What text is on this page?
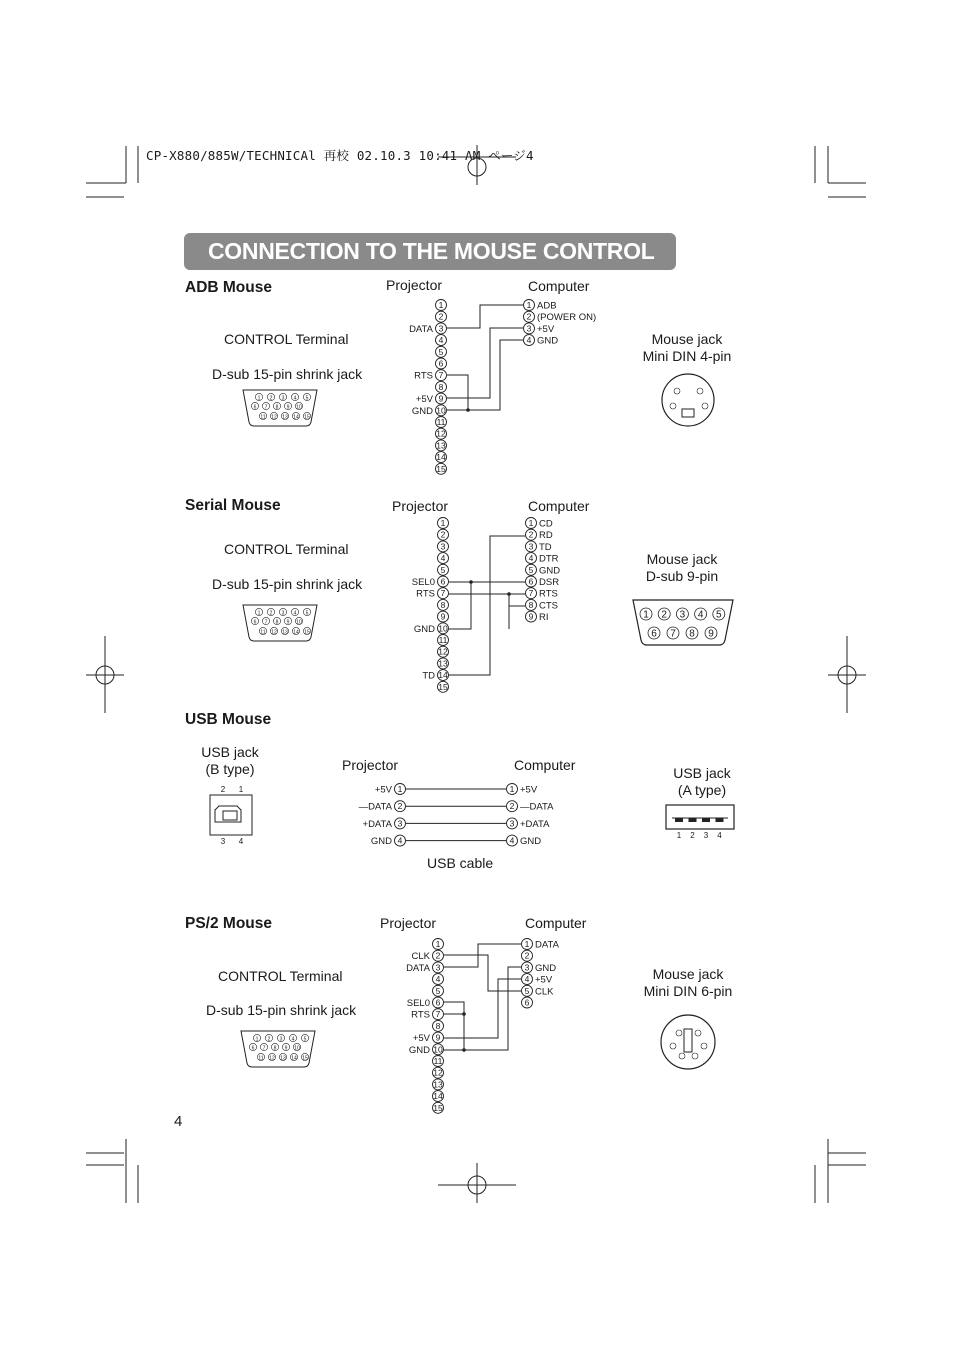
CP-X880/885W/TECHNICAl 再校 02.10.3 10:41 AM ページ4
CONNECTION TO THE MOUSE CONTROL
ADB Mouse	Projector	Computer
CONTROL Terminal
D-sub 15-pin shrink jack
Mouse jack
Mini DIN 4-pin
Serial Mouse	Projector	Computer
CONTROL Terminal
D-sub 15-pin shrink jack
Mouse jack
D-sub 9-pin
USB Mouse
USB jack
(B type)	USB jack
(A type)
Projector	Computer
USB cable
PS/2 Mouse	Projector	Computer
CONTROL Terminal
D-sub 15-pin shrink jack
Mouse jack
Mini DIN 6-pin
4
1 2 3 4 5
6 7 8 9 10
11 12 13 14 15
1 2 3 4 5
6 7 8 9 10
11 12 13 14 15
1 2 3 4 5
6 7 8 9 10
11 12 13 14 15
1
2
3
DATA
4
5
6
7
RTS
8
9
+5V
10
GND
11
12
13
14
15
1 ADB
2 (POWER ON)
3 +5V
4 GND
1
2
3
4
5
6
SEL0
7
RTS
8
9
10
GND
11
12
13
14
TD
15
1 CD
2 RD
3 TD
4 DTR
5 GND
6 DSR
7 RTS
8 CTS
9 RI
1
+5V
2
—DATA
3
+DATA
4
GND
1 +5V
2 —DATA
3 +DATA
4 GND
1
2
CLK
3
DATA
4
5
6
SEL0
7
RTS
8
9
+5V
10
GND
11
12
13
14
15
1 DATA
2
3 GND
4 +5V
5 CLK
6
1 2 3 4 5
6 7 8 9
2 1
3 4
1 2 3 4
